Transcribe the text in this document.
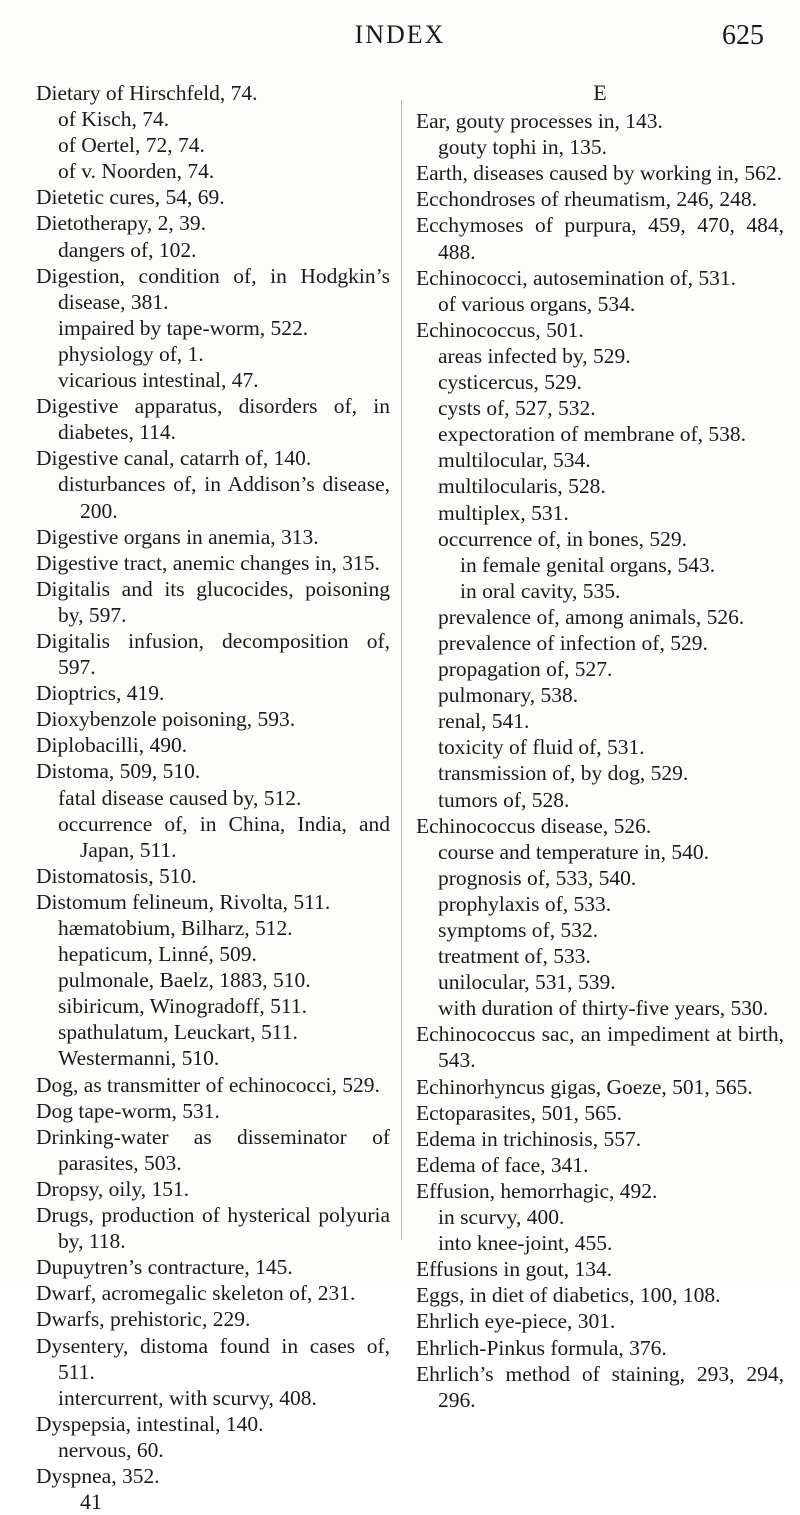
INDEX	625

Dietary of Hirschfeld, 74.

of Kisch, 74.

of Oertel, 72, 74.

of v. Noorden, 74.

Dietetic cures, 54, 69.

Dietotherapy, 2, 39.

dangers of, 102.

Digestion, condition of, in Hodgkin’s disease, 381.

impaired by tape-worm, 522.

physiology of, 1.

vicarious intestinal, 47.

Digestive apparatus, disorders of, in diabetes, 114.

Digestive canal, catarrh of, 140.

disturbances of, in Addison’s disease, 200.

Digestive organs in anemia, 313.

Digestive tract, anemic changes in, 315.

Digitalis and its glucocides, poisoning by, 597.

Digitalis infusion, decomposition of, 597.

Dioptrics, 419.

Dioxybenzole poisoning, 593.

Diplobacilli, 490.

Distoma, 509, 510.

fatal disease caused by, 512.

occurrence of, in China, India, and Japan, 511.

Distomatosis, 510.

Distomum felineum, Rivolta, 511.

hæmatobium, Bilharz, 512.

hepaticum, Linné, 509.

pulmonale, Baelz, 1883, 510.

sibiricum, Winogradoff, 511.

spathulatum, Leuckart, 511.

Westermanni, 510.

Dog, as transmitter of echinococci, 529.

Dog tape-worm, 531.

Drinking-water as disseminator of parasites, 503.

Dropsy, oily, 151.

Drugs, production of hysterical polyuria by, 118.

Dupuytren’s contracture, 145.

Dwarf, acromegalic skeleton of, 231.

Dwarfs, prehistoric, 229.

Dysentery, distoma found in cases of, 511.

intercurrent, with scurvy, 408.

Dyspepsia, intestinal, 140.

nervous, 60.

Dyspnea, 352.

41

E

Ear, gouty processes in, 143.

gouty tophi in, 135.

Earth, diseases caused by working in, 562.

Ecchondroses of rheumatism, 246, 248.

Ecchymoses of purpura, 459, 470, 484, 488.

Echinococci, autosemination of, 531.

of various organs, 534.

Echinococcus, 501.

areas infected by, 529.

cysticercus, 529.

cysts of, 527, 532.

expectoration of membrane of, 538.

multilocular, 534.

multilocularis, 528.

multiplex, 531.

occurrence of, in bones, 529.

in female genital organs, 543.

in oral cavity, 535.

prevalence of, among animals, 526.

prevalence of infection of, 529.

propagation of, 527.

pulmonary, 538.

renal, 541.

toxicity of fluid of, 531.

transmission of, by dog, 529.

tumors of, 528.

Echinococcus disease, 526.

course and temperature in, 540.

prognosis of, 533, 540.

prophylaxis of, 533.

symptoms of, 532.

treatment of, 533.

unilocular, 531, 539.

with duration of thirty-five years, 530.

Echinococcus sac, an impediment at birth, 543.

Echinorhyncus gigas, Goeze, 501, 565.

Ectoparasites, 501, 565.

Edema in trichinosis, 557.

Edema of face, 341.

Effusion, hemorrhagic, 492.

in scurvy, 400.

into knee-joint, 455.

Effusions in gout, 134.

Eggs, in diet of diabetics, 100, 108.

Ehrlich eye-piece, 301.

Ehrlich-Pinkus formula, 376.

Ehrlich’s method of staining, 293, 294, 296.
